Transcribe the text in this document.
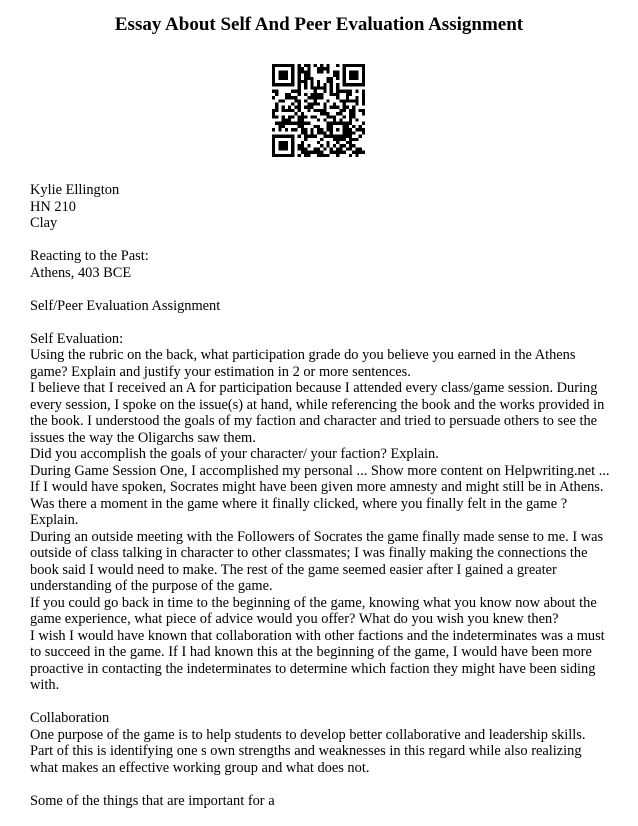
Essay About Self And Peer Evaluation Assignment
Kylie Ellington
HN 210
Clay
Reacting to the Past:
Athens, 403 BCE
Self/Peer Evaluation Assignment
Self Evaluation:
Using the rubric on the back, what participation grade do you believe you earned in the Athens game? Explain and justify your estimation in 2 or more sentences.
I believe that I received an A for participation because I attended every class/game session. During every session, I spoke on the issue(s) at hand, while referencing the book and the works provided in the book. I understood the goals of my faction and character and tried to persuade others to see the issues the way the Oligarchs saw them.
Did you accomplish the goals of your character/ your faction? Explain.
During Game Session One, I accomplished my personal ... Show more content on Helpwriting.net ...
If I would have spoken, Socrates might have been given more amnesty and might still be in Athens.
Was there a moment in the game where it finally clicked, where you finally felt in the game ? Explain.
During an outside meeting with the Followers of Socrates the game finally made sense to me. I was outside of class talking in character to other classmates; I was finally making the connections the book said I would need to make. The rest of the game seemed easier after I gained a greater understanding of the purpose of the game.
If you could go back in time to the beginning of the game, knowing what you know now about the game experience, what piece of advice would you offer? What do you wish you knew then?
I wish I would have known that collaboration with other factions and the indeterminates was a must to succeed in the game. If I had known this at the beginning of the game, I would have been more proactive in contacting the indeterminates to determine which faction they might have been siding with.
Collaboration
One purpose of the game is to help students to develop better collaborative and leadership skills. Part of this is identifying one s own strengths and weaknesses in this regard while also realizing what makes an effective working group and what does not.
Some of the things that are important for a
